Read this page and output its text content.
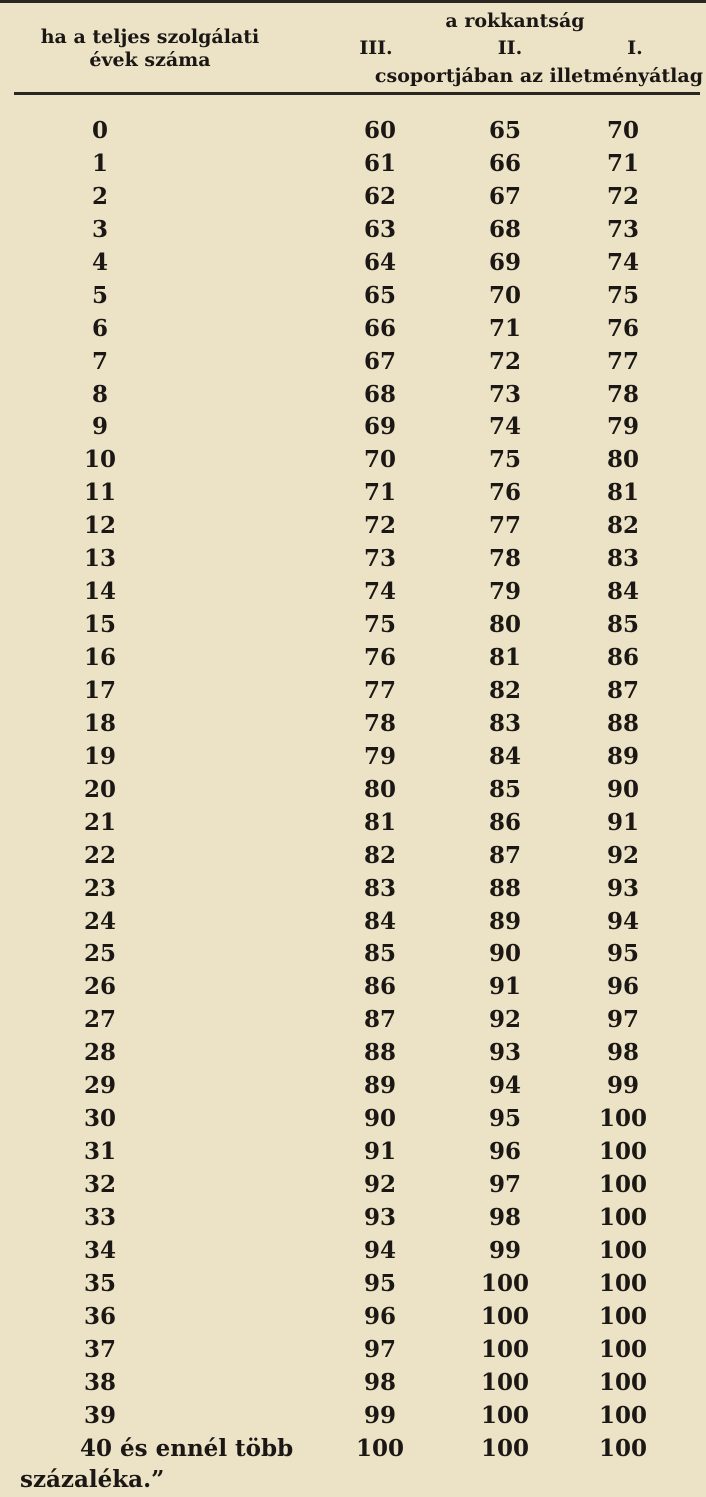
ha a teljes szolgálati
évek száma
a rokkantság
III.	II.	I.
csoportjában az illetményátlag
0	60	65	70
1	61	66	71
2	62	67	72
3	63	68	73
4	64	69	74
5	65	70	75
6	66	71	76
7	67	72	77
8	68	73	78
9	69	74	79
10	70	75	80
11	71	76	81
12	72	77	82
13	73	78	83
14	74	79	84
15	75	80	85
16	76	81	86
17	77	82	87
18	78	83	88
19	79	84	89
20	80	85	90
21	81	86	91
22	82	87	92
23	83	88	93
24	84	89	94
25	85	90	95
26	86	91	96
27	87	92	97
28	88	93	98
29	89	94	99
30	90	95	100
31	91	96	100
32	92	97	100
33	93	98	100
34	94	99	100
35	95	100	100
36	96	100	100
37	97	100	100
38	98	100	100
39	99	100	100
40 és ennél több	100	100	100
százaléka.”
